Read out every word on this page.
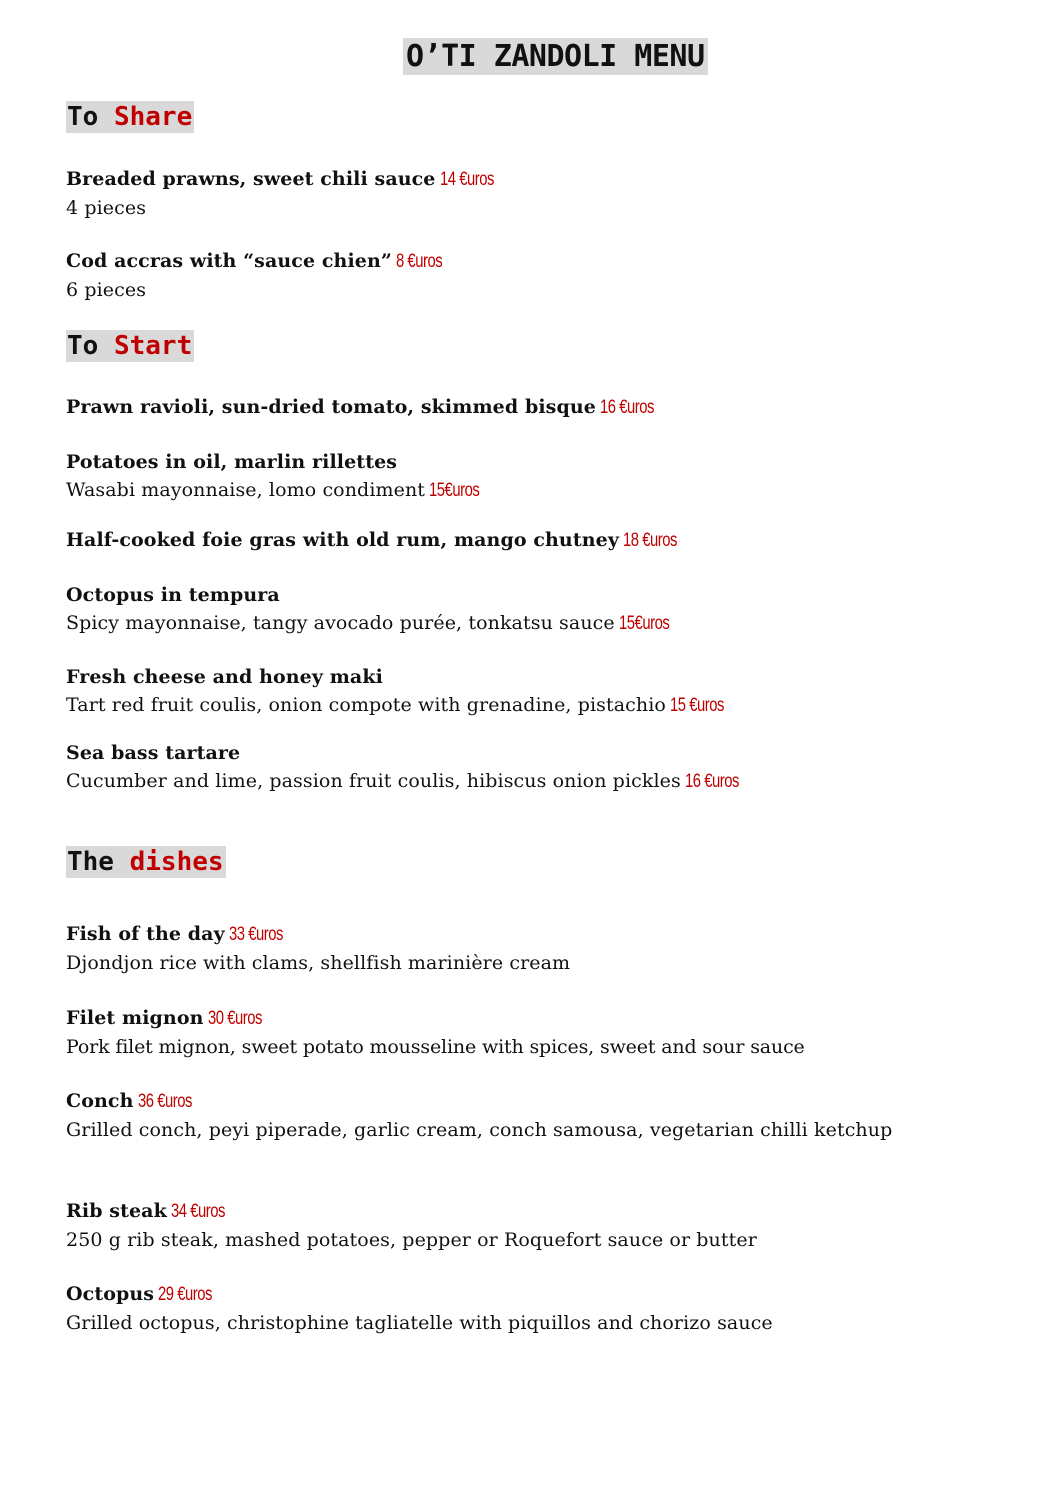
O’TI ZANDOLI MENU
To Share
Breaded prawns, sweet chili sauce 14 €uros
4 pieces
Cod accras with “sauce chien” 8 €uros
6 pieces
To Start
Prawn ravioli, sun-dried tomato, skimmed bisque 16 €uros
Potatoes in oil, marlin rillettes
Wasabi mayonnaise, lomo condiment 15€uros
Half-cooked foie gras with old rum, mango chutney 18 €uros
Octopus in tempura
Spicy mayonnaise, tangy avocado purée, tonkatsu sauce 15€uros
Fresh cheese and honey maki
Tart red fruit coulis, onion compote with grenadine, pistachio 15 €uros
Sea bass tartare
Cucumber and lime, passion fruit coulis, hibiscus onion pickles 16 €uros
The dishes
Fish of the day 33 €uros
Djondjon rice with clams, shellfish marinière cream
Filet mignon 30 €uros
Pork filet mignon, sweet potato mousseline with spices, sweet and sour sauce
Conch 36 €uros
Grilled conch, peyi piperade, garlic cream, conch samousa, vegetarian chilli ketchup
Rib steak 34 €uros
250 g rib steak, mashed potatoes, pepper or Roquefort sauce or butter
Octopus 29 €uros
Grilled octopus, christophine tagliatelle with piquillos and chorizo sauce
